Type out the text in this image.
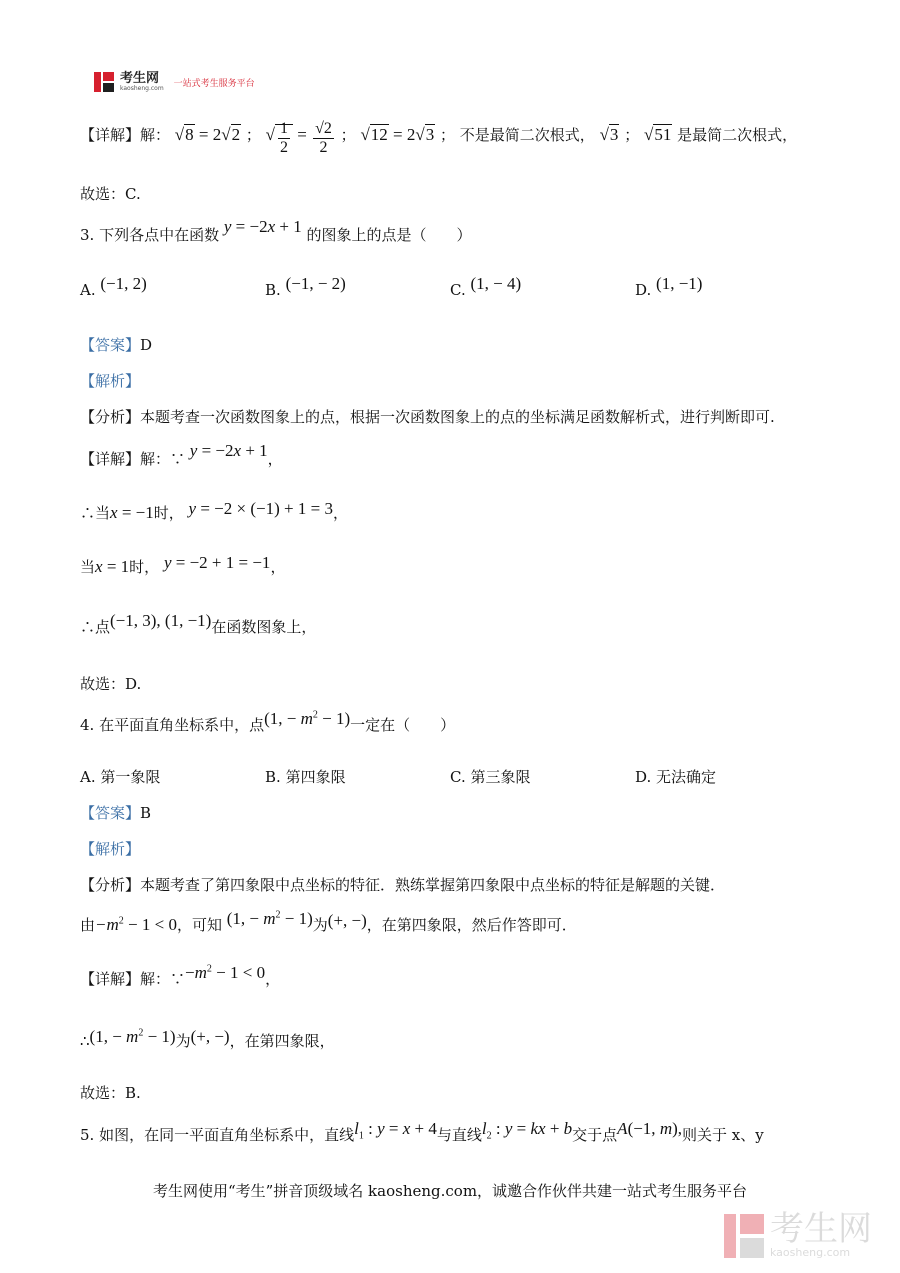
考生网
kaosheng.com 一站式考生服务平台
【详解】解： √8 = 2√2 ； √ $\frac{1}{2} = \frac{√2}{2}$ ； √12 = 2√3 ； 不是最简二次根式， √3 ； √51 是最简二次根式，
故选：C.
3. 下列各点中在函数 y = −2x + 1 的图象上的点是（　　）
A. (−1, 2)	B. (−1, − 2)	C. (1, − 4)	D. (1, −1)
【答案】D
【解析】
【分析】本题考查一次函数图象上的点，根据一次函数图象上的点的坐标满足函数解析式，进行判断即可.
【详解】解：∵ y = −2x + 1，
∴当x = −1时， y = −2 × (−1) + 1 = 3，
当x = 1时， y = −2 + 1 = −1，
∴点(−1, 3), (1, −1)在函数图象上，
故选：D.
4. 在平面直角坐标系中，点(1, − $m^2 - 1$)一定在（　　）
A. 第一象限	B. 第四象限	C. 第三象限	D. 无法确定
【答案】B
【解析】
【分析】本题考查了第四象限中点坐标的特征．熟练掌握第四象限中点坐标的特征是解题的关键．
由$-m^2 - 1 < 0$，可知 (1, − $m^2 - 1$)为(+, −)，在第四象限，然后作答即可．
【详解】解：$\because-m^2 - 1 < 0$，
∴(1, − $m^2 - 1$)为(+, −)，在第四象限，
故选：B.
5. 如图，在同一平面直角坐标系中，直线$l_1$ : y = x + 4与直线$l_2$ : y = kx + b交于点A(−1, m),则关于 x、y
考生网使用“考生”拼音顶级域名 kaosheng.com，诚邀合作伙伴共建一站式考生服务平台
考生网
kaosheng.com
